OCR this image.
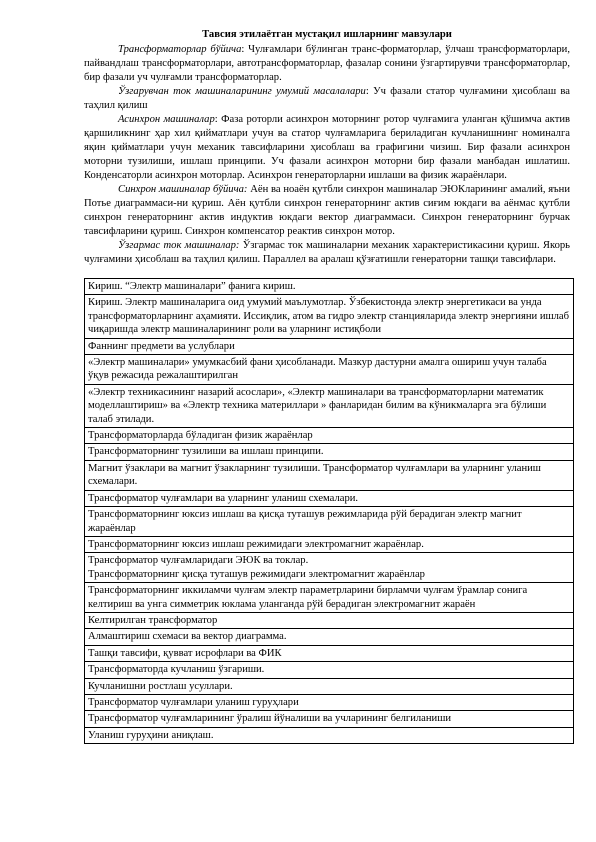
Тавсия этилаётган мустақил ишларнинг мавзулари

Трансформаторлар бўйича: Чулғамлари бўлинган транс-форматорлар, ўлчаш трансформаторлари, пайвандлаш трансформаторлари, автотрансформаторлар, фазалар сонини ўзгартирувчи трансформаторлар, бир фазали уч чулғамли трансформаторлар.

Ўзгарувчан ток машиналарининг умумий масалалари: Уч фазали статор чулғамини ҳисоблаш ва таҳлил қилиш

Асинхрон машиналар: Фаза роторли асинхрон моторнинг ротор чулғамига уланган қўшимча актив қаршиликнинг ҳар хил қийматлари учун ва статор чулғамларига бериладиган кучланишнинг номиналга яқин қийматлари учун механик тавсифларини ҳисоблаш ва графигини чизиш. Бир фазали асинхрон моторни тузилиши, ишлаш принципи. Уч фазали асинхрон моторни бир фазали манбадан ишлатиш. Конденсаторли асинхрон моторлар. Асинхрон генераторларни ишлаши ва физик жараёнлари.

Синхрон машиналар бўйича: Аён ва ноаён қутбли синхрон машиналар ЭЮКларининг амалий, яъни Потье диаграммаси-ни қуриш. Аён қутбли синхрон генераторнинг актив сиғим юкдаги ва аёнмас қутбли синхрон генераторнинг актив индуктив юкдаги вектор диаграммаси. Синхрон генераторнинг бурчак тавсифларини қуриш. Синхрон компенсатор реактив синхрон мотор.

Ўзгармас ток машиналар: Ўзгармас ток машиналарни механик характеристикасини қуриш. Якорь чулғамини ҳисоблаш ва таҳлил қилиш. Параллел ва аралаш қўзғатишли генераторни ташқи тавсифлари.

Кириш. “Электр машиналари” фанига кириш.
Кириш. Электр машиналарига оид умумий маълумотлар. Ўзбекистонда электр энергетикаси ва унда трансформаторларнинг аҳамияти. Иссиқлик, атом ва гидро электр станцияларида электр энергияни ишлаб чиқаришда электр машиналарининг роли ва уларнинг истиқболи
Фаннинг предмети ва услублари
«Электр машиналари» умумкасбий фани ҳисобланади. Мазкур дастурни амалга ошириш учун талаба ўқув режасида режалаштирилган
«Электр техникасининг назарий асослари», «Электр машиналари ва трансформаторларни математик моделлаштириш» ва «Электр техника материллари » фанларидан билим ва кўникмаларга эга бўлиши талаб этилади.
Трансформаторларда бўладиган физик жараёнлар
Трансформаторнинг тузилиши ва ишлаш принципи.
Магнит ўзаклари ва магнит ўзакларнинг тузилиши. Трансформатор чулғамлари ва уларнинг уланиш схемалари.
Трансформатор чулғамлари ва уларнинг уланиш схемалари.
Трансформаторнинг юксиз ишлаш ва қисқа туташув режимларида рўй берадиган электр магнит жараёнлар
Трансформаторнинг юксиз ишлаш режимидаги электромагнит жараёнлар.
Трансформатор чулғамларидаги ЭЮК ва токлар.
Трансформаторнинг қисқа туташув режимидаги электромагнит жараёнлар
Трансформаторнинг иккиламчи чулғам электр параметрларини бирламчи чулғам ўрамлар сонига келтириш ва унга симметрик юклама уланганда рўй берадиган электромагнит жараён
Келтирилган трансформатор
Алмаштириш схемаси ва вектор диаграмма.
Ташқи тавсифи, қувват исрофлари ва ФИК
Трансформаторда кучланиш ўзгариши.
Кучланишни ростлаш усуллари.
Трансформатор чулғамлари уланиш гуруҳлари
Трансформатор чулғамларининг ўралиш йўналиши ва учларининг белгиланиши
Уланиш гуруҳини аниқлаш.
